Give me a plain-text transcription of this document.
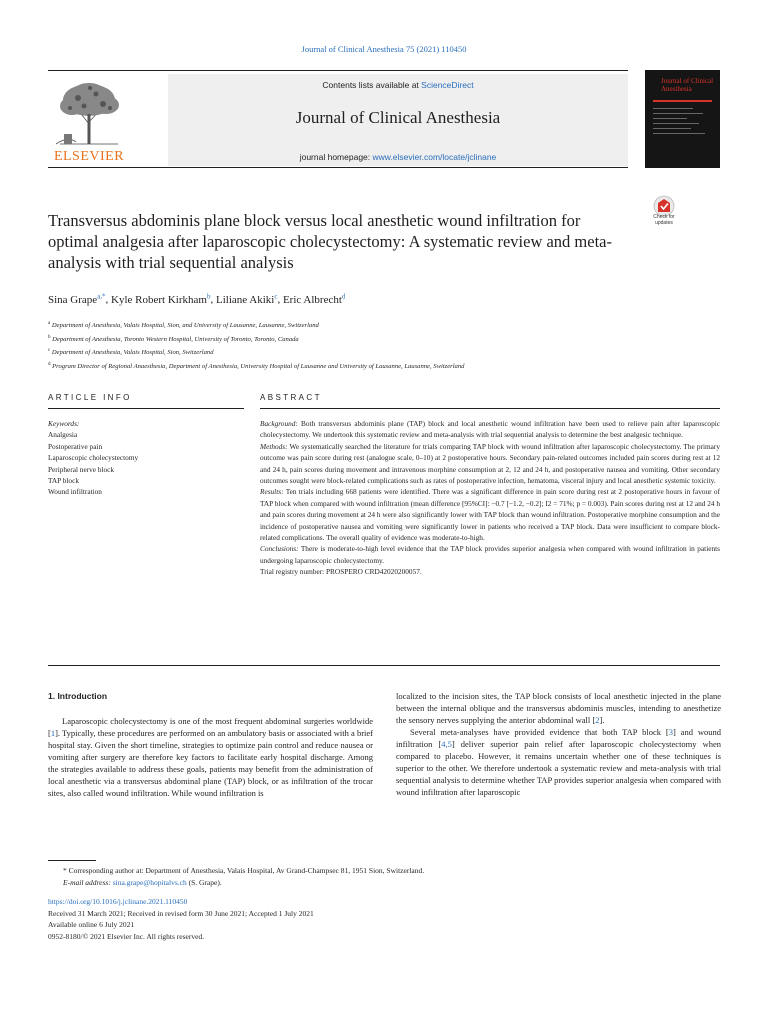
Journal of Clinical Anesthesia 75 (2021) 110450
ELSEVIER
Contents lists available at ScienceDirect
Journal of Clinical Anesthesia
journal homepage: www.elsevier.com/locate/jclinane
Journal of Clinical Anesthesia
Check for updates
Transversus abdominis plane block versus local anesthetic wound infiltration for optimal analgesia after laparoscopic cholecystectomy: A systematic review and meta-analysis with trial sequential analysis
Sina Grape$^{a,*}$, Kyle Robert Kirkham$^b$, Liliane Akiki$^c$, Eric Albrecht$^d$
$^a$ Department of Anesthesia, Valais Hospital, Sion, and University of Lausanne, Lausanne, Switzerland
$^b$ Department of Anesthesia, Toronto Western Hospital, University of Toronto, Toronto, Canada
$^c$ Department of Anesthesia, Valais Hospital, Sion, Switzerland
$^d$ Program Director of Regional Anaesthesia, Department of Anesthesia, University Hospital of Lausanne and University of Lausanne, Lausanne, Switzerland
ARTICLE INFO	ABSTRACT
Keywords:
Analgesia
Postoperative pain
Laparoscopic cholecystectomy
Peripheral nerve block
TAP block
Wound infiltration

Background: Both transversus abdominis plane (TAP) block and local anesthetic wound infiltration have been used to relieve pain after laparoscopic cholecystectomy. We undertook this systematic review and meta-analysis with trial sequential analysis to determine the best analgesic technique.

Methods: We systematically searched the literature for trials comparing TAP block with wound infiltration after laparoscopic cholecystectomy. The primary outcome was pain score during rest (analogue scale, 0–10) at 2 postoperative hours. Secondary pain-related outcomes included pain scores during rest at 12 and 24 h, pain scores during movement and intravenous morphine consumption at 2, 12 and 24 h, and postoperative nausea and vomiting. Other secondary outcomes sought were block-related complications such as rates of postoperative infection, hematoma, visceral injury and local anesthetic systemic toxicity.

Results: Ten trials including 668 patients were identified. There was a significant difference in pain score during rest at 2 postoperative hours in favour of TAP block when compared with wound infiltration (mean difference [95%CI]: −0.7 [−1.2, −0.2]; I2 = 71%; p = 0.003). Pain scores during rest at 12 and 24 h and pain scores during movement at 24 h were also significantly lower with TAP block than wound infiltration. Postoperative morphine consumption and the incidence of postoperative nausea and vomiting were significantly lower in patients who received a TAP block. Data were insufficient to compare block-related complications. The overall quality of evidence was moderate-to-high.

Conclusions: There is moderate-to-high level evidence that the TAP block provides superior analgesia when compared with wound infiltration in patients undergoing laparoscopic cholecystectomy.

Trial registry number: PROSPERO CRD42020200057.

1. Introduction

Laparoscopic cholecystectomy is one of the most frequent abdominal surgeries worldwide [1]. Typically, these procedures are performed on an ambulatory basis or associated with a brief hospital stay. Given the short timeline, strategies to optimize pain control and reduce nausea or vomiting after surgery are therefore key factors to facilitate early hospital discharge. Among the strategies available to address these goals, patients may benefit from the administration of local anesthetic via a transversus abdominal plane (TAP) block, or as infiltration of the trocar sites, also called wound infiltration. While wound infiltration is

localized to the incision sites, the TAP block consists of local anesthetic injected in the plane between the internal oblique and the transversus abdominis muscles, intending to anesthetize the sensory nerves supplying the anterior abdominal wall [2].

Several meta-analyses have provided evidence that both TAP block [3] and wound infiltration [4,5] deliver superior pain relief after laparoscopic cholecystectomy when compared to placebo. However, it remains uncertain whether one of these techniques is superior to the other. We therefore undertook a systematic review and meta-analysis with trial sequential analysis to determine whether TAP provides superior analgesia when compared with wound infiltration after laparoscopic

* Corresponding author at: Department of Anesthesia, Valais Hospital, Av Grand-Champsec 81, 1951 Sion, Switzerland.
E-mail address: sina.grape@hopitalvs.ch (S. Grape).
https://doi.org/10.1016/j.jclinane.2021.110450
Received 31 March 2021; Received in revised form 30 June 2021; Accepted 1 July 2021
Available online 6 July 2021
0952-8180/© 2021 Elsevier Inc. All rights reserved.
